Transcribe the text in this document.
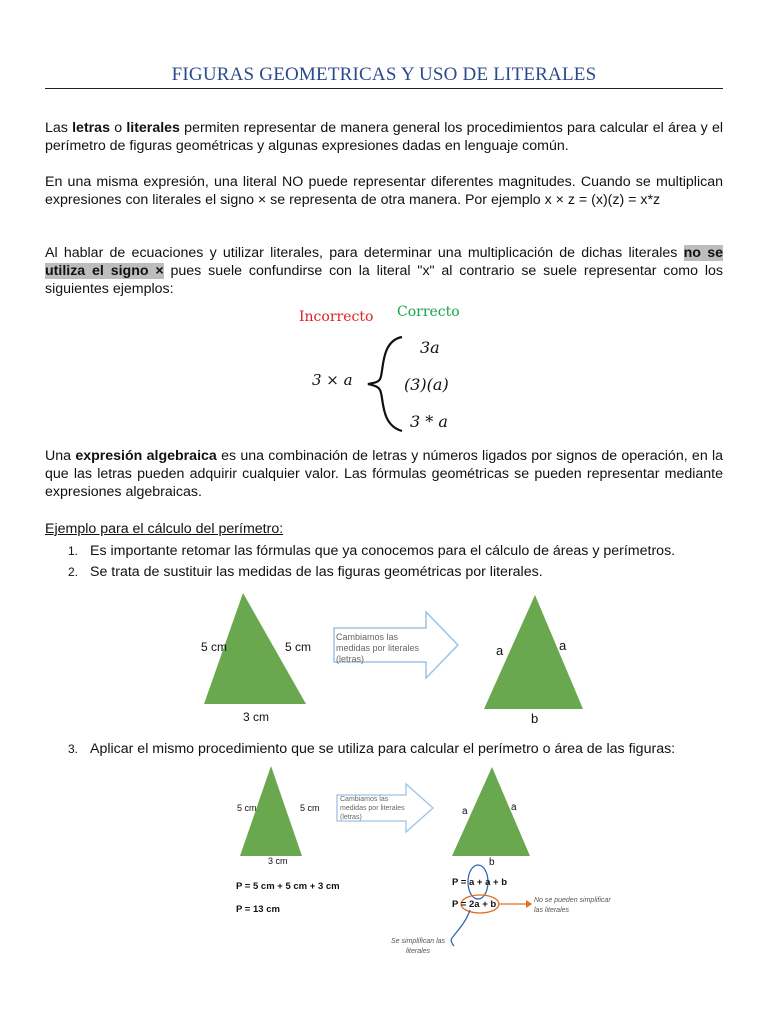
FIGURAS GEOMETRICAS Y USO DE LITERALES
Las letras o literales permiten representar de manera general los procedimientos para calcular el área y el perímetro de figuras geométricas y algunas expresiones dadas en lenguaje común.
En una misma expresión, una literal NO puede representar diferentes magnitudes. Cuando se multiplican expresiones con literales el signo × se representa de otra manera. Por ejemplo x × z = (x)(z) = x*z
Al hablar de ecuaciones y utilizar literales, para determinar una multiplicación de dichas literales no se utiliza el signo × pues suele confundirse con la literal "x" al contrario se suele representar como los siguientes ejemplos:
Incorrecto Correcto
3 × a
3a
(3)(a)
3 * a
Una expresión algebraica es una combinación de letras y números ligados por signos de operación, en la que las letras pueden adquirir cualquier valor. Las fórmulas geométricas se pueden representar mediante expresiones algebraicas.
Ejemplo para el cálculo del perímetro:
1. Es importante retomar las fórmulas que ya conocemos para el cálculo de áreas y perímetros.
2. Se trata de sustituir las medidas de las figuras geométricas por literales.
5 cm	5 cm
3 cm
Cambiamos las medidas por literales (letras)
a	a
b
3. Aplicar el mismo procedimiento que se utiliza para calcular el perímetro o área de las figuras:
5 cm	5 cm
3 cm
Cambiamos las medidas por literales (letras)
a	a
b
P = 5 cm + 5 cm + 3 cm
P = 13 cm
P = a + a + b
P = 2a + b	No se pueden simplificar las literales
Se simplifican las literales
